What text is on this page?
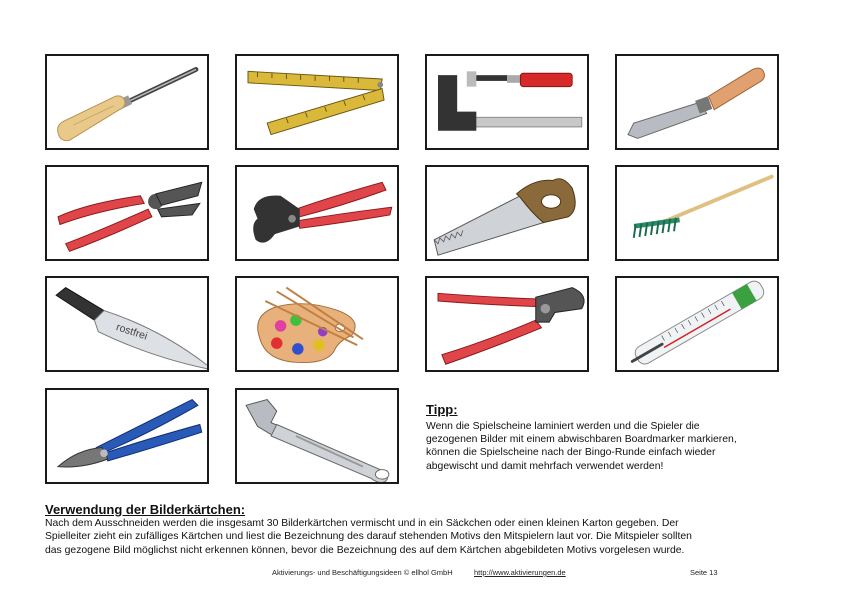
rostfrei
Tipp:
Wenn die Spielscheine laminiert werden und die Spieler die
gezogenen Bilder mit einem abwischbaren Boardmarker markieren,
können die Spielscheine nach der Bingo-Runde einfach wieder
abgewischt und damit mehrfach verwendet werden!
Verwendung der Bilderkärtchen:
Nach dem Ausschneiden werden die insgesamt 30 Bilderkärtchen vermischt und in ein Säckchen oder einen kleinen Karton gegeben. Der
Spielleiter zieht ein zufälliges Kärtchen und liest die Bezeichnung des darauf stehenden Motivs den Mitspielern laut vor. Die Mitspieler sollten
das gezogene Bild möglichst nicht erkennen können, bevor die Bezeichnung des auf dem Kärtchen abgebildeten Motivs vorgelesen wurde.
Aktivierungs- und Beschäftigungsideen © ellhol GmbH	http://www.aktivierungen.de	Seite 13
